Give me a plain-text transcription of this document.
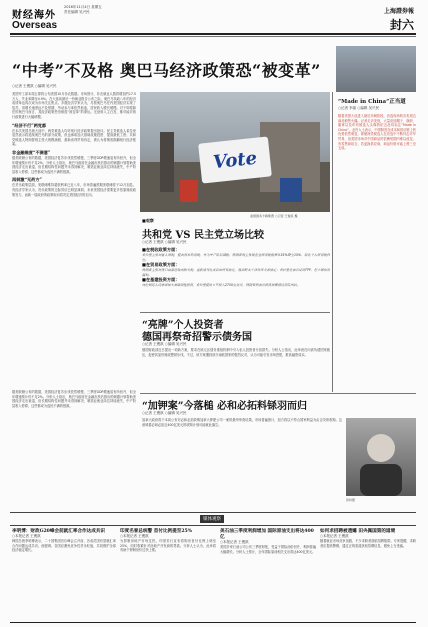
财经海外
2016年11月4日 星期五
责任编辑 吴兴民	上海證券報
Overseas	封六
“中考”不及格 奥巴马经济政策恐“被变革”
○记者 王俊淇 ○编辑 吴兴民
美国劳工部本周五即将公布美国10月非农数据。市场预计，非农就业人数将增加约17.5万人，失业率降至4.9%。在大选前最后一份就业报告公布之际，奥巴马执政八年的经济成绩单也再次成为市场关注焦点。多数经济学家认为，尽管奥巴马任内美国经济实现了复苏，但增长速度远不及预期，劳动参与率依然低迷，居民收入增长缓慢。对于即将卸任的奥巴马而言，其经济政策恐怕难逃“被变革”的命运。无论谁入主白宫，都可能对现行政策进行大幅调整。
“经济不行”两党都
在本次美国总统大选中，两党候选人均对现行经济政策提出批评。民主党候选人希拉里虽然表示将延续奥巴马的部分政策，但也承诺加大基础设施投资、提高最低工资；共和党候选人特朗普则主张大规模减税、重新谈判贸易协定，被认为将彻底推翻现行经济框架。
非金融维度“不满意”
据美联储公布的数据，美国经济复苏步伐依然缓慢，三季度GDP增速虽有所回升，但全年增速预计仍不足2%。分析人士指出，奥巴马政府在金融危机后推出的刺激计划帮助美国经济走出衰退，但长期结构性问题并未得到解决，制造业就业岗位持续流失，中产阶层收入停滞，这些都成为选民不满的根源。
再刺激“无药方”
在货币政策层面，美联储维持超低利率已近八年，市场普遍预期美联储将于12月加息。有经济学家认为，货币政策的边际效应已明显减弱，未来美国经济需要更多依靠财政政策发力，而新一届政府的政策取向将决定美国经济的走向。
Vote
美国国务卡赖斯费 ○记者 王俊淇 摄
“Made in China”正当道
○记者 李嘉 ○编辑 吴兴民
随着美国大选进入最后冲刺阶段，竞选现场的各类周边商品销售火爆。记者走访发现，大量竞选帽子、旗帜、徽章以及印有候选人头像的纪念品均标注“Made in China”。业内人士表示，中国制造在成本和供应链上的优势依然明显，即便两党候选人在竞选中不断抨击对华贸易，但美国市场对中国商品的依赖短期内难以改变。有零售商坦言，若更换供应商，商品价格可能上涨三至五成。
■观察
共和党 VS 民主党立场比较
○记者 王俊淇 ○编辑 吴兴民
■在税收政策方面：
希拉里主张对富人增税，提高资本利得税，并为中产阶层减税；特朗普则主张将企业所得税税率从35%降至15%，简化个人所得税档位。
■在贸易政策方面：
特朗普主张对进口商品征收高额关税，重新谈判北美自由贸易协定，退出跨太平洋伙伴关系协定；希拉里也表示反对TPP，但立场相对温和。
■在基建投资方面：
两位候选人均承诺加大基础设施投资，希拉里提出五年投入2750亿美元，特朗普则表示投资规模将达到其两倍。
“亮牌”个人投资者
德国再祭奇招警示债务国
○记者 王俊淇 ○编辑 吴兴民
德国财政部近日提出一项新方案，要求在欧元区债务重组机制中引入私人投资者分担损失。分析人士指出，此举意在向高负债国家施压，促使其加快财政整顿步伐。不过，该方案遭到部分南欧国家的强烈反对，认为可能引发市场恐慌，推高融资成本。
“加钾案”今落槌 必和必拓料铩羽而归
○记者 王俊淇 ○编辑 吴兴民
加拿大政府将于本周公布对必和必拓收购加拿大钾肥公司一案的最终审查结果。市场普遍预计，加方将以不符合国家利益为由否决该收购。这意味着必和必拓近400亿美元的收购计划可能就此落空。
资料图
据美联储公布的数据，美国经济复苏步伐依然缓慢，三季度GDP增速虽有所回升，但全年增速预计仍不足2%。分析人士指出，奥巴马政府在金融危机后推出的刺激计划帮助美国经济走出衰退，但长期结构性问题并未得到解决，制造业就业岗位持续流失，中产阶层收入停滞，这些都成为选民不满的根源。
媒体观察
李明博：财政G20峰会前就汇率合作达成共识
○本报记者 王俊淇
韩国总统李明博表示，二十国集团首尔峰会召开前，各成员国有望就汇率合作问题达成共识。他强调，各国应避免竞争性货币贬值，共同维护全球经济稳定增长。
印度名誉总统警 首付比例提至25%
○本报记者 王俊淇
为抑制房地产市场过热，印度央行宣布将购房首付比例上调至25%，同时收紧针对房地产开发商的贷款。分析人士认为，此举将有助于遏制房价过快上涨。
美石油三季度利润增加 国际原油支出将达400亿
○本报记者 王俊淇
美国多家石油公司公布三季度财报，受益于国际油价回升，利润普遍大幅增长。分析人士预计，全年国际原油相关支出将达400亿美元。
如何求招聘被遗孀 田央佩国第的道境
○本报记者 王俊淇
随着就业市场竞争加剧，不少求职者面临招聘陷阱。专家提醒，求职者应提高警惕，通过正规渠道获取招聘信息，避免上当受骗。
